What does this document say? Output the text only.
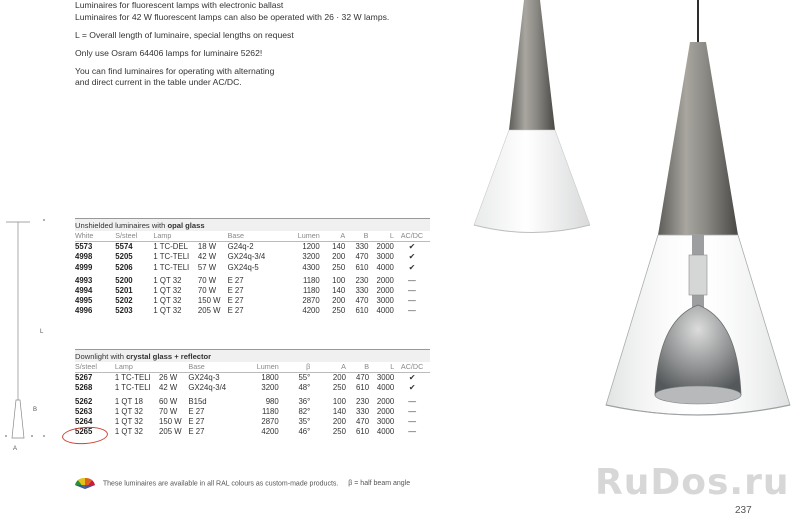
Luminaires for fluorescent lamps with electronic ballast

Luminaires for 42 W fluorescent lamps can also be operated with 26 · 32 W lamps.

L = Overall length of luminaire, special lengths on request

Only use Osram 64406 lamps for luminaire 5262!

You can find luminaires for operating with alternating

and direct current in the table under AC/DC.

L
B
A
Unshielded luminaires with opal glass
White	S/steel	Lamp		Base	Lumen	A	B	L	AC/DC
5573	5574	1 TC-DEL	18 W	G24q-2	1200	140	330	2000	✔
4998	5205	1 TC-TELI	42 W	GX24q-3/4	3200	200	470	3000	✔
4999	5206	1 TC-TELI	57 W	GX24q-5	4300	250	610	4000	✔
4993	5200	1 QT 32	70 W	E 27	1180	100	230	2000	—
4994	5201	1 QT 32	70 W	E 27	1180	140	330	2000	—
4995	5202	1 QT 32	150 W	E 27	2870	200	470	3000	—
4996	5203	1 QT 32	205 W	E 27	4200	250	610	4000	—
Downlight with crystal glass + reflector
S/steel	Lamp		Base	Lumen	β	A	B	L	AC/DC
5267	1 TC-TELI	26 W	GX24q-3	1800	55°	200	470	3000	✔
5268	1 TC-TELI	42 W	GX24q-3/4	3200	48°	250	610	4000	✔
5262	1 QT 18	60 W	B15d	980	36°	100	230	2000	—
5263	1 QT 32	70 W	E 27	1180	82°	140	330	2000	—
5264	1 QT 32	150 W	E 27	2870	35°	200	470	3000	—
5265	1 QT 32	205 W	E 27	4200	46°	250	610	4000	—
These luminaires are available in all RAL colours as custom-made products. β = half beam angle	RuDos.ru
237
